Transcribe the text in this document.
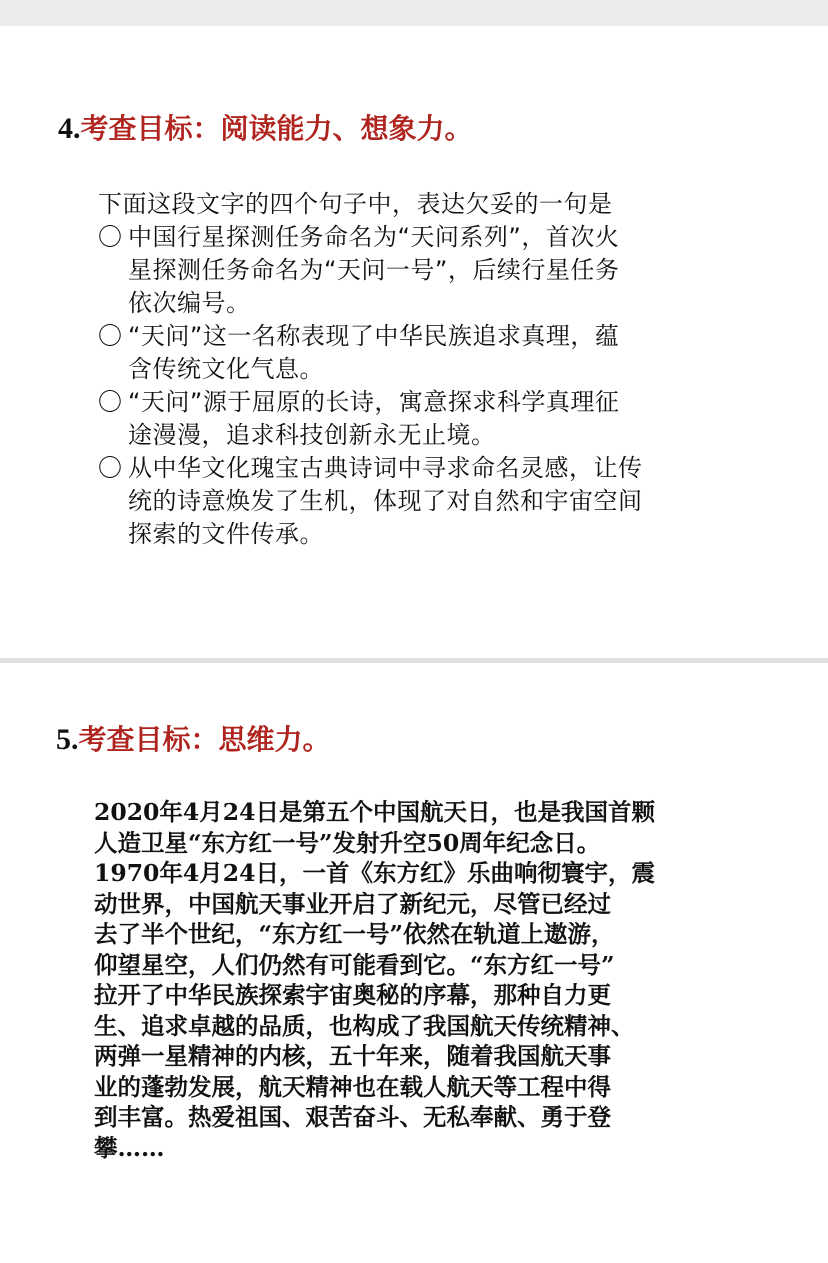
4.考查目标：阅读能力、想象力。
下面这段文字的四个句子中，表达欠妥的一句是
〇 中国行星探测任务命名为“天问系列”，首次火
星探测任务命名为“天问一号”，后续行星任务
依次编号。
〇 “天问”这一名称表现了中华民族追求真理，蕴
含传统文化气息。
〇 “天问”源于屈原的长诗，寓意探求科学真理征
途漫漫，追求科技创新永无止境。
〇 从中华文化瑰宝古典诗词中寻求命名灵感，让传
统的诗意焕发了生机，体现了对自然和宇宙空间
探索的文件传承。
5.考查目标：思维力。
2020年4月24日是第五个中国航天日，也是我国首颗
人造卫星“东方红一号”发射升空50周年纪念日。
1970年4月24日，一首《东方红》乐曲响彻寰宇，震
动世界，中国航天事业开启了新纪元，尽管已经过
去了半个世纪，“东方红一号”依然在轨道上遨游，
仰望星空，人们仍然有可能看到它。“东方红一号”
拉开了中华民族探索宇宙奥秘的序幕，那种自力更
生、追求卓越的品质，也构成了我国航天传统精神、
两弹一星精神的内核，五十年来，随着我国航天事
业的蓬勃发展，航天精神也在载人航天等工程中得
到丰富。热爱祖国、艰苦奋斗、无私奉献、勇于登
攀……
